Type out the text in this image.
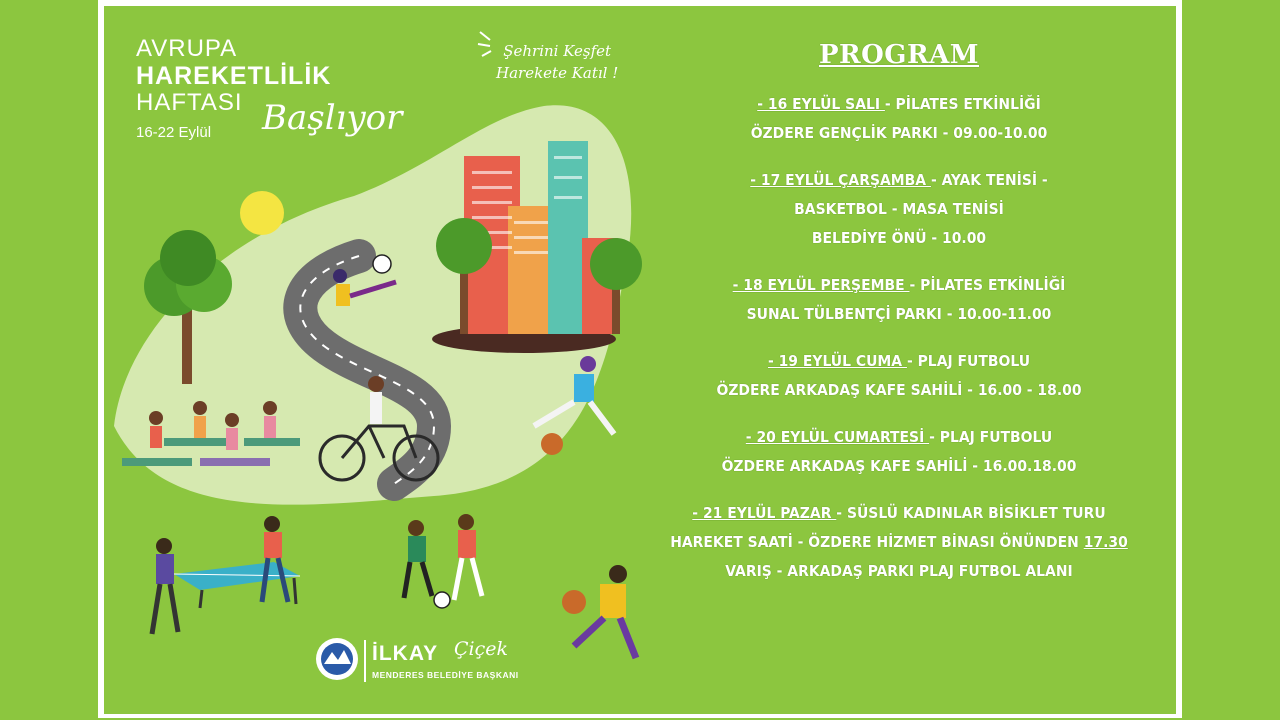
AVRUPA
HAREKETLİLİK
HAFTASI
16-22 Eylül	Başlıyor
Şehrini Keşfet
Harekete Katıl !
PROGRAM
- 16 EYLÜL SALI - PİLATES ETKİNLİĞİ
ÖZDERE GENÇLİK PARKI - 09.00-10.00
- 17 EYLÜL ÇARŞAMBA - AYAK TENİSİ -
BASKETBOL - MASA TENİSİ
BELEDİYE ÖNÜ - 10.00
- 18 EYLÜL PERŞEMBE - PİLATES ETKİNLİĞİ
SUNAL TÜLBENTÇİ PARKI - 10.00-11.00
- 19 EYLÜL CUMA - PLAJ FUTBOLU
ÖZDERE ARKADAŞ KAFE SAHİLİ - 16.00 - 18.00
- 20 EYLÜL CUMARTESİ - PLAJ FUTBOLU
ÖZDERE ARKADAŞ KAFE SAHİLİ - 16.00.18.00
- 21 EYLÜL PAZAR - SÜSLÜ KADINLAR BİSİKLET TURU
HAREKET SAATİ - ÖZDERE HİZMET BİNASI ÖNÜNDEN 17.30
VARIŞ - ARKADAŞ PARKI PLAJ FUTBOL ALANI
İLKAY Çiçek
MENDERES BELEDİYE BAŞKANI
